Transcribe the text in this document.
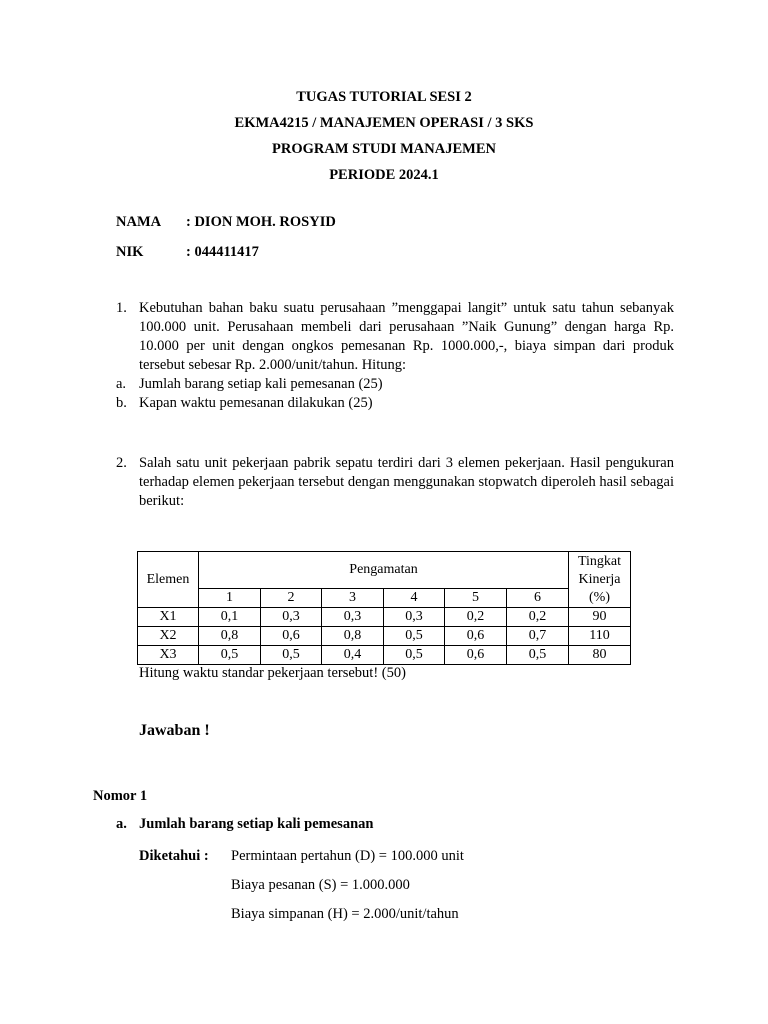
TUGAS TUTORIAL SESI 2
EKMA4215 / MANAJEMEN OPERASI / 3 SKS
PROGRAM STUDI MANAJEMEN
PERIODE 2024.1
NAMA	: DION MOH. ROSYID
NIK	: 044411417
1. Kebutuhan bahan baku suatu perusahaan ”menggapai langit” untuk satu tahun sebanyak 100.000 unit. Perusahaan membeli dari perusahaan ”Naik Gunung” dengan harga Rp. 10.000 per unit dengan ongkos pemesanan Rp. 1000.000,-, biaya simpan dari produk tersebut sebesar Rp. 2.000/unit/tahun. Hitung:
a. Jumlah barang setiap kali pemesanan (25)
b. Kapan waktu pemesanan dilakukan (25)
2. Salah satu unit pekerjaan pabrik sepatu terdiri dari 3 elemen pekerjaan. Hasil pengukuran terhadap elemen pekerjaan tersebut dengan menggunakan stopwatch diperoleh hasil sebagai berikut:
Elemen	Pengamatan						Tingkat
Kinerja
(%)

	1	2	3	4	5	6	
X1	0,1	0,3	0,3	0,3	0,2	0,2	90
X2	0,8	0,6	0,8	0,5	0,6	0,7	110
X3	0,5	0,5	0,4	0,5	0,6	0,5	80
Hitung waktu standar pekerjaan tersebut! (50)
Jawaban !
Nomor 1
a. Jumlah barang setiap kali pemesanan
Diketahui :	Permintaan pertahun (D) = 100.000 unit
Biaya pesanan (S) = 1.000.000
Biaya simpanan (H) = 2.000/unit/tahun
